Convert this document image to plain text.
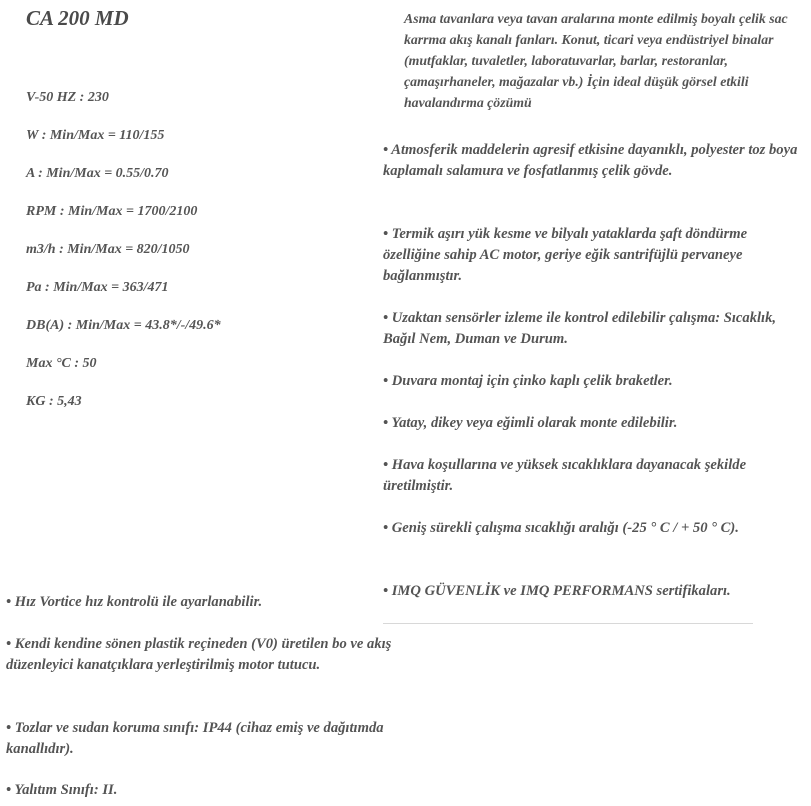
CA 200 MD
V-50 HZ : 230
W : Min/Max = 110/155
A : Min/Max = 0.55/0.70
RPM : Min/Max = 1700/2100
m3/h : Min/Max = 820/1050
Pa : Min/Max = 363/471
DB(A) : Min/Max = 43.8*/-/49.6*
Max °C : 50
KG : 5,43
Asma tavanlara veya tavan aralarına monte edilmiş boyalı çelik sac karrma akış kanalı fanları. Konut, ticari veya endüstriyel binalar (mutfaklar, tuvaletler, laboratuvarlar, barlar, restoranlar, çamaşırhaneler, mağazalar vb.) İçin ideal düşük görsel etkili havalandırma çözümü
• Atmosferik maddelerin agresif etkisine dayanıklı, polyester toz boya kaplamalı salamura ve fosfatlanmış çelik gövde.
• Termik aşırı yük kesme ve bilyalı yataklarda şaft döndürme özelliğine sahip AC motor, geriye eğik santrifüjlü pervaneye bağlanmıştır.
• Uzaktan sensörler izleme ile kontrol edilebilir çalışma: Sıcaklık, Bağıl Nem, Duman ve Durum.
• Duvara montaj için çinko kaplı çelik braketler.
• Yatay, dikey veya eğimli olarak monte edilebilir.
• Hava koşullarına ve yüksek sıcaklıklara dayanacak şekilde üretilmiştir.
• Geniş sürekli çalışma sıcaklığı aralığı (-25 ° C / + 50 ° C).
• IMQ GÜVENLİK ve IMQ PERFORMANS sertifikaları.
• Hız Vortice hız kontrolü ile ayarlanabilir.
• Kendi kendine sönen plastik reçineden (V0) üretilen bo ve akış düzenleyici kanatçıklara yerleştirilmiş motor tutucu.
• Tozlar ve sudan koruma sınıfı: IP44 (cihaz emiş ve dağıtımda kanallıdır).
• Yalıtım Sınıfı: II.
